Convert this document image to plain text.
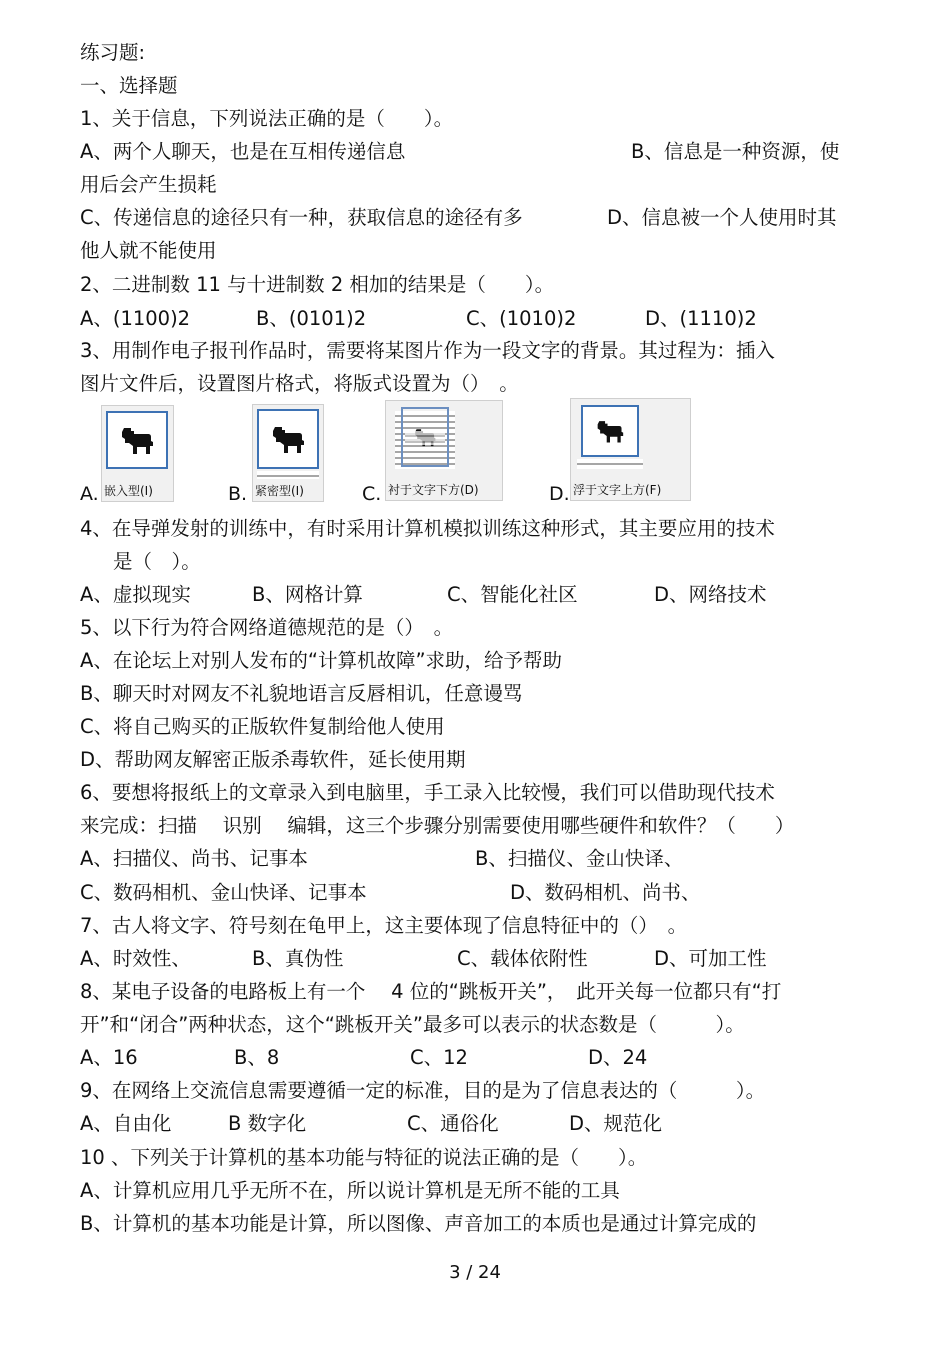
练习题:
一、选择题
1、关于信息，下列说法正确的是（　　）。
A、两个人聊天，也是在互相传递信息	B、信息是一种资源，使
用后会产生损耗
C、传递信息的途径只有一种，获取信息的途径有多	D、信息被一个人使用时其
他人就不能使用
2、二进制数 11 与十进制数 2 相加的结果是（　　）。
A、(1100)2	B、(0101)2	C、(1010)2	D、(1110)2
3、用制作电子报刊作品时，需要将某图片作为一段文字的背景。其过程为：插入
图片文件后，设置图片格式，将版式设置为（）　。
4、在导弹发射的训练中，有时采用计算机模拟训练这种形式，其主要应用的技术
是（　）。
A、虚拟现实	B、网格计算	C、智能化社区	D、网络技术
5、以下行为符合网络道德规范的是（）　。
A、在论坛上对别人发布的“计算机故障”求助，给予帮助
B、聊天时对网友不礼貌地语言反唇相讥，任意谩骂
C、将自己购买的正版软件复制给他人使用
D、帮助网友解密正版杀毒软件，延长使用期
6、要想将报纸上的文章录入到电脑里，手工录入比较慢，我们可以借助现代技术
来完成：扫描　 识别　 编辑，这三个步骤分别需要使用哪些硬件和软件？（　　）
A、扫描仪、尚书、记事本	B、扫描仪、金山快译、
C、数码相机、金山快译、记事本	D、数码相机、尚书、
7、古人将文字、符号刻在龟甲上，这主要体现了信息特征中的（）　。
A、时效性、	B、真伪性	C、载体依附性	D、可加工性
8、某电子设备的电路板上有一个　 4 位的“跳板开关”，　此开关每一位都只有“打
开”和“闭合”两种状态，这个“跳板开关”最多可以表示的状态数是（　　　）。
A、16	B、8	C、12	D、24
9、在网络上交流信息需要遵循一定的标准，目的是为了信息表达的（　　　）。
A、自由化	B 数字化	C、通俗化	D、规范化
10 、下列关于计算机的基本功能与特征的说法正确的是（　　）。
A、计算机应用几乎无所不在，所以说计算机是无所不能的工具
B、计算机的基本功能是计算，所以图像、声音加工的本质也是通过计算完成的
A. 嵌入型(I)	B. 紧密型(I)	C. 衬于文字下方(D)	D. 浮于文字上方(F)
3 / 24
